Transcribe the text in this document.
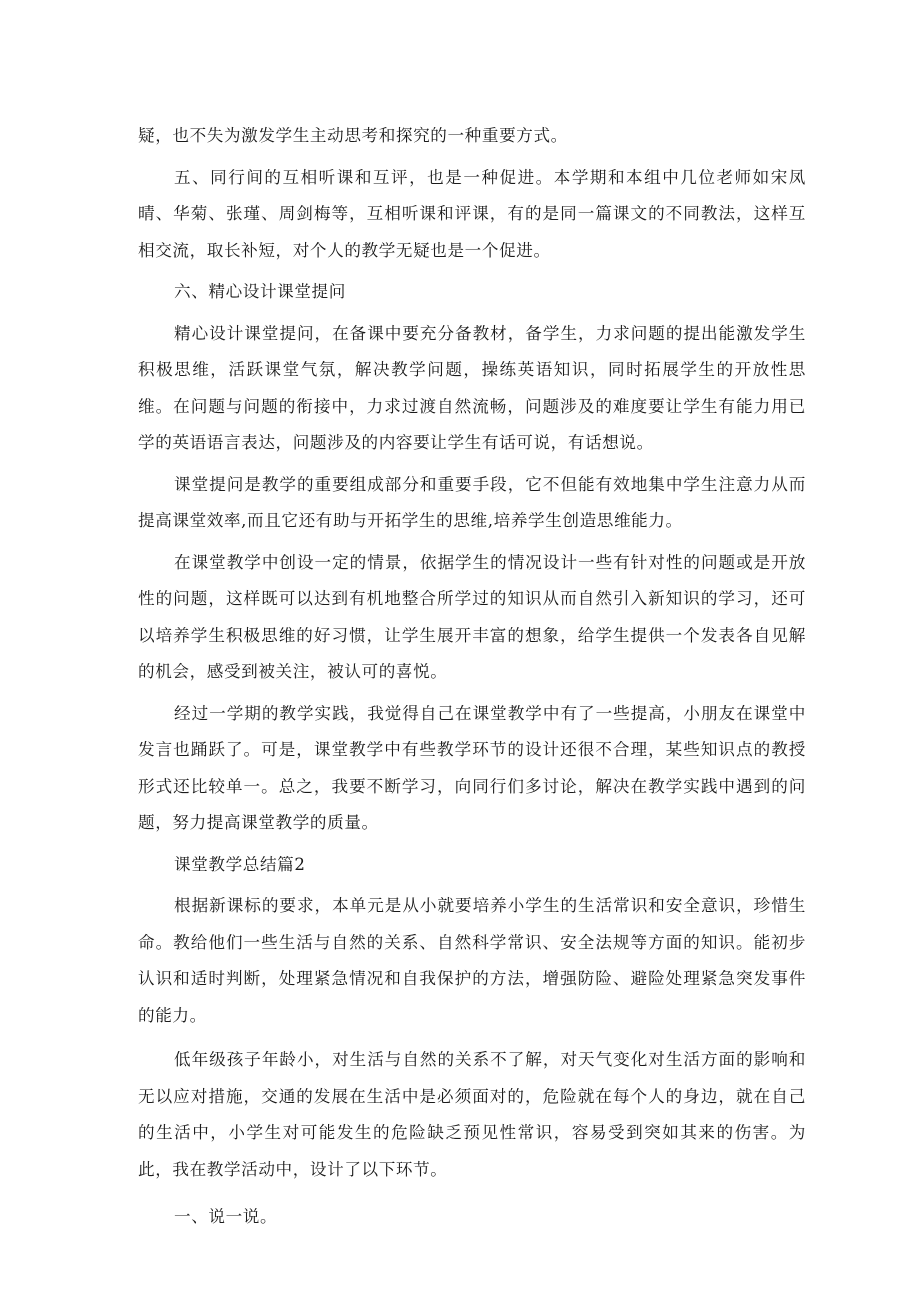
疑，也不失为激发学生主动思考和探究的一种重要方式。

五、同行间的互相听课和互评，也是一种促进。本学期和本组中几位老师如宋凤晴、华菊、张瑾、周剑梅等，互相听课和评课，有的是同一篇课文的不同教法，这样互相交流，取长补短，对个人的教学无疑也是一个促进。

六、精心设计课堂提问

精心设计课堂提问，在备课中要充分备教材，备学生，力求问题的提出能激发学生积极思维，活跃课堂气氛，解决教学问题，操练英语知识，同时拓展学生的开放性思维。在问题与问题的衔接中，力求过渡自然流畅，问题涉及的难度要让学生有能力用已学的英语语言表达，问题涉及的内容要让学生有话可说，有话想说。

课堂提问是教学的重要组成部分和重要手段，它不但能有效地集中学生注意力从而提高课堂效率,而且它还有助与开拓学生的思维,培养学生创造思维能力。

在课堂教学中创设一定的情景，依据学生的情况设计一些有针对性的问题或是开放性的问题，这样既可以达到有机地整合所学过的知识从而自然引入新知识的学习，还可以培养学生积极思维的好习惯，让学生展开丰富的想象，给学生提供一个发表各自见解的机会，感受到被关注，被认可的喜悦。

经过一学期的教学实践，我觉得自己在课堂教学中有了一些提高，小朋友在课堂中发言也踊跃了。可是，课堂教学中有些教学环节的设计还很不合理，某些知识点的教授形式还比较单一。总之，我要不断学习，向同行们多讨论，解决在教学实践中遇到的问题，努力提高课堂教学的质量。

课堂教学总结篇2

根据新课标的要求，本单元是从小就要培养小学生的生活常识和安全意识，珍惜生命。教给他们一些生活与自然的关系、自然科学常识、安全法规等方面的知识。能初步认识和适时判断，处理紧急情况和自我保护的方法，增强防险、避险处理紧急突发事件的能力。

低年级孩子年龄小，对生活与自然的关系不了解，对天气变化对生活方面的影响和无以应对措施，交通的发展在生活中是必须面对的，危险就在每个人的身边，就在自己的生活中，小学生对可能发生的危险缺乏预见性常识，容易受到突如其来的伤害。为此，我在教学活动中，设计了以下环节。

一、说一说。
